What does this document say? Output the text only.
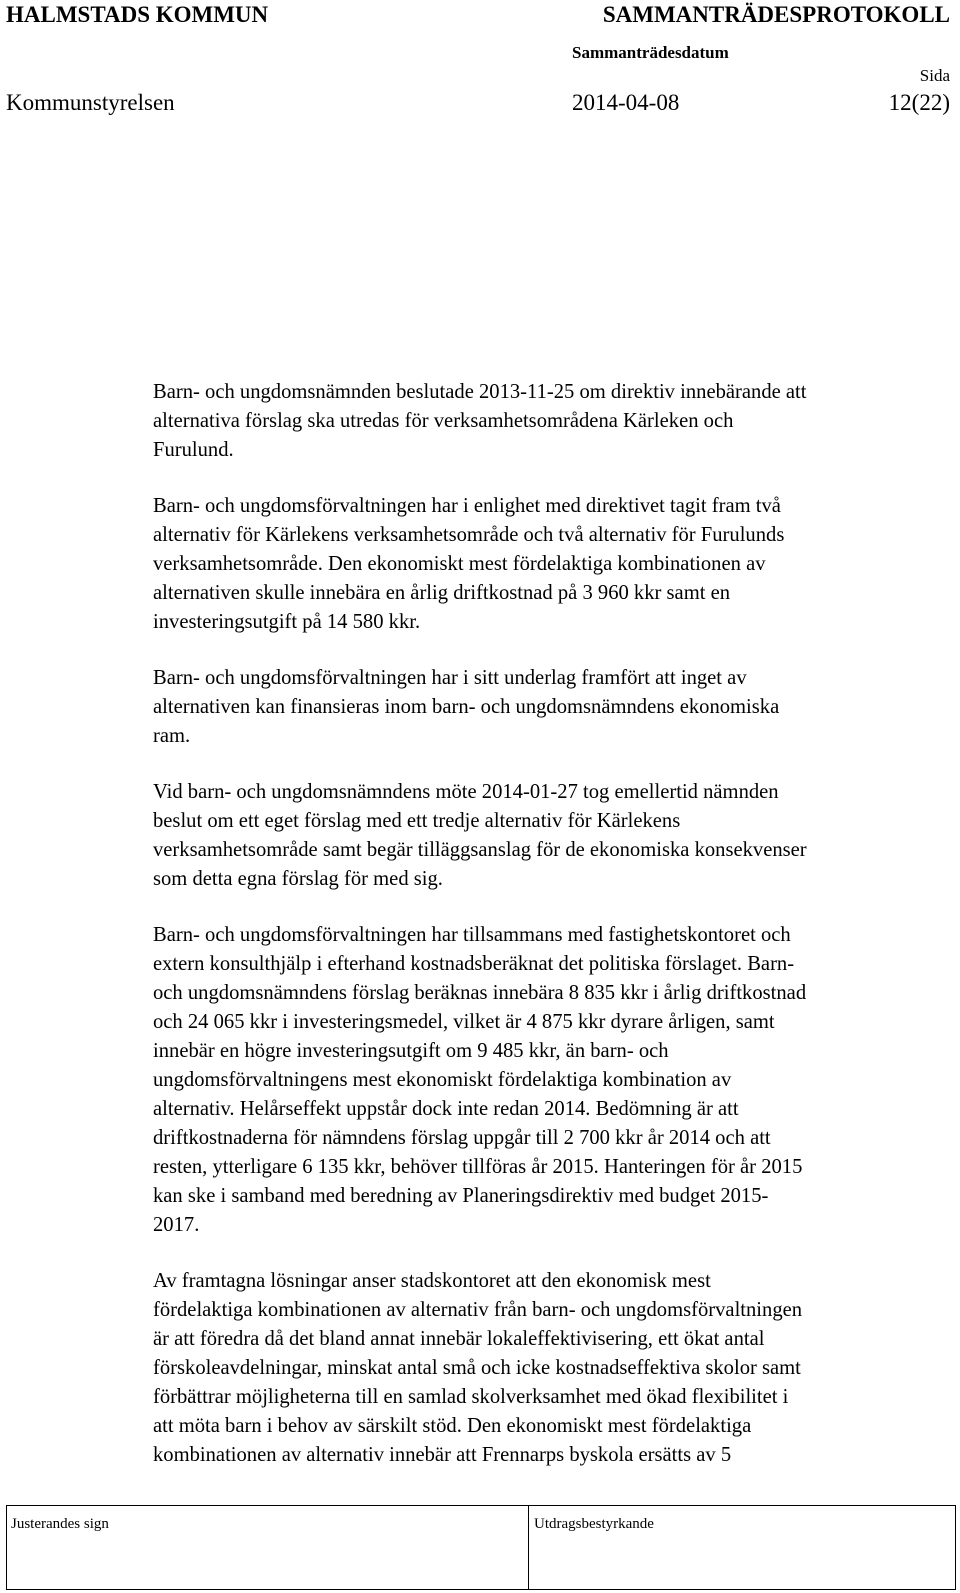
HALMSTADS KOMMUN	SAMMANTRÄDESPROTOKOLL
Sammanträdesdatum
Sida
Kommunstyrelsen	2014-04-08	12(22)

Barn- och ungdomsnämnden beslutade 2013-11-25 om direktiv innebärande att
alternativa förslag ska utredas för verksamhetsområdena Kärleken och
Furulund.

Barn- och ungdomsförvaltningen har i enlighet med direktivet tagit fram två
alternativ för Kärlekens verksamhetsområde och två alternativ för Furulunds
verksamhetsområde. Den ekonomiskt mest fördelaktiga kombinationen av
alternativen skulle innebära en årlig driftkostnad på 3 960 kkr samt en
investeringsutgift på 14 580 kkr.

Barn- och ungdomsförvaltningen har i sitt underlag framfört att inget av
alternativen kan finansieras inom barn- och ungdomsnämndens ekonomiska
ram.

Vid barn- och ungdomsnämndens möte 2014-01-27 tog emellertid nämnden
beslut om ett eget förslag med ett tredje alternativ för Kärlekens
verksamhetsområde samt begär tilläggsanslag för de ekonomiska konsekvenser
som detta egna förslag för med sig.

Barn- och ungdomsförvaltningen har tillsammans med fastighetskontoret och
extern konsulthjälp i efterhand kostnadsberäknat det politiska förslaget. Barn-
och ungdomsnämndens förslag beräknas innebära 8 835 kkr i årlig driftkostnad
och 24 065 kkr i investeringsmedel, vilket är 4 875 kkr dyrare årligen, samt
innebär en högre investeringsutgift om 9 485 kkr, än barn- och
ungdomsförvaltningens mest ekonomiskt fördelaktiga kombination av
alternativ. Helårseffekt uppstår dock inte redan 2014. Bedömning är att
driftkostnaderna för nämndens förslag uppgår till 2 700 kkr år 2014 och att
resten, ytterligare 6 135 kkr, behöver tillföras år 2015. Hanteringen för år 2015
kan ske i samband med beredning av Planeringsdirektiv med budget 2015-
2017.

Av framtagna lösningar anser stadskontoret att den ekonomisk mest
fördelaktiga kombinationen av alternativ från barn- och ungdomsförvaltningen
är att föredra då det bland annat innebär lokaleffektivisering, ett ökat antal
förskoleavdelningar, minskat antal små och icke kostnadseffektiva skolor samt
förbättrar möjligheterna till en samlad skolverksamhet med ökad flexibilitet i
att möta barn i behov av särskilt stöd. Den ekonomiskt mest fördelaktiga
kombinationen av alternativ innebär att Frennarps byskola ersätts av 5

Justerandes sign	Utdragsbestyrkande
